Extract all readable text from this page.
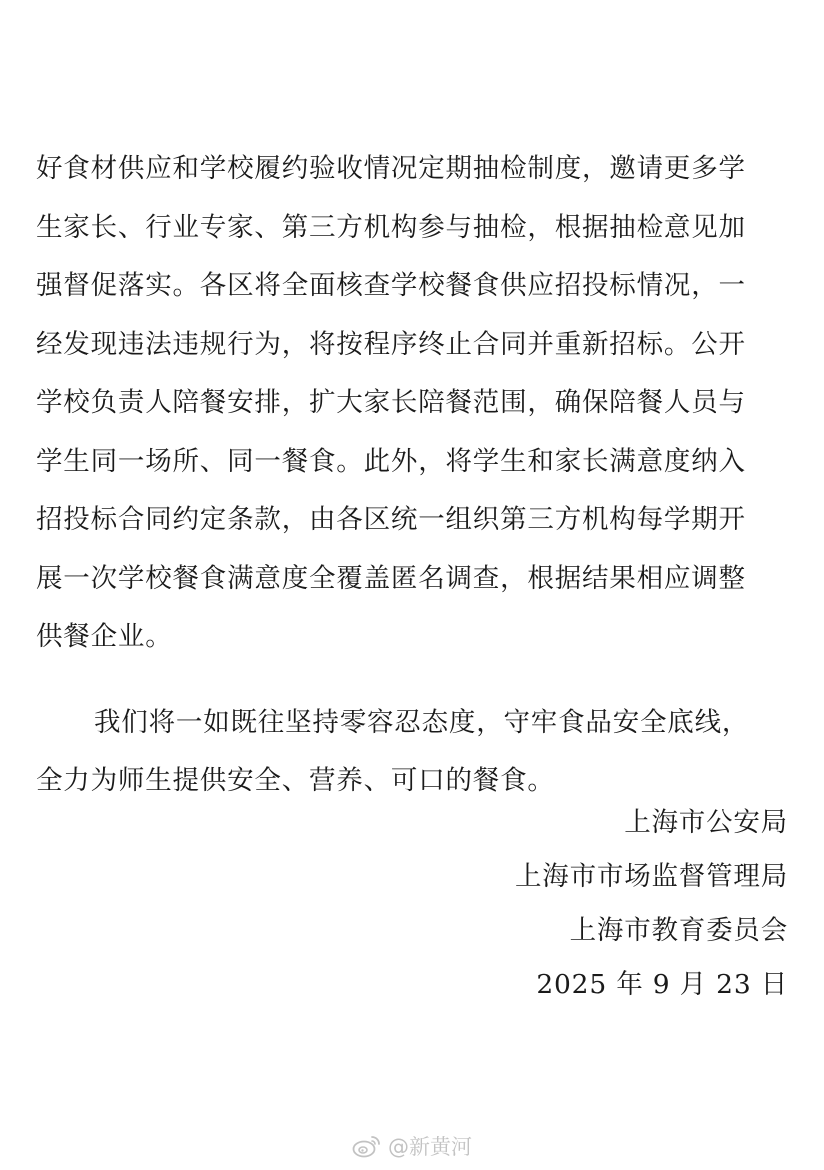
好食材供应和学校履约验收情况定期抽检制度，邀请更多学
生家长、行业专家、第三方机构参与抽检，根据抽检意见加
强督促落实。各区将全面核查学校餐食供应招投标情况，一
经发现违法违规行为，将按程序终止合同并重新招标。公开
学校负责人陪餐安排，扩大家长陪餐范围，确保陪餐人员与
学生同一场所、同一餐食。此外，将学生和家长满意度纳入
招投标合同约定条款，由各区统一组织第三方机构每学期开
展一次学校餐食满意度全覆盖匿名调查，根据结果相应调整
供餐企业。
我们将一如既往坚持零容忍态度，守牢食品安全底线，
全力为师生提供安全、营养、可口的餐食。
上海市公安局
上海市市场监督管理局
上海市教育委员会
2025 年 9 月 23 日
@新黄河
